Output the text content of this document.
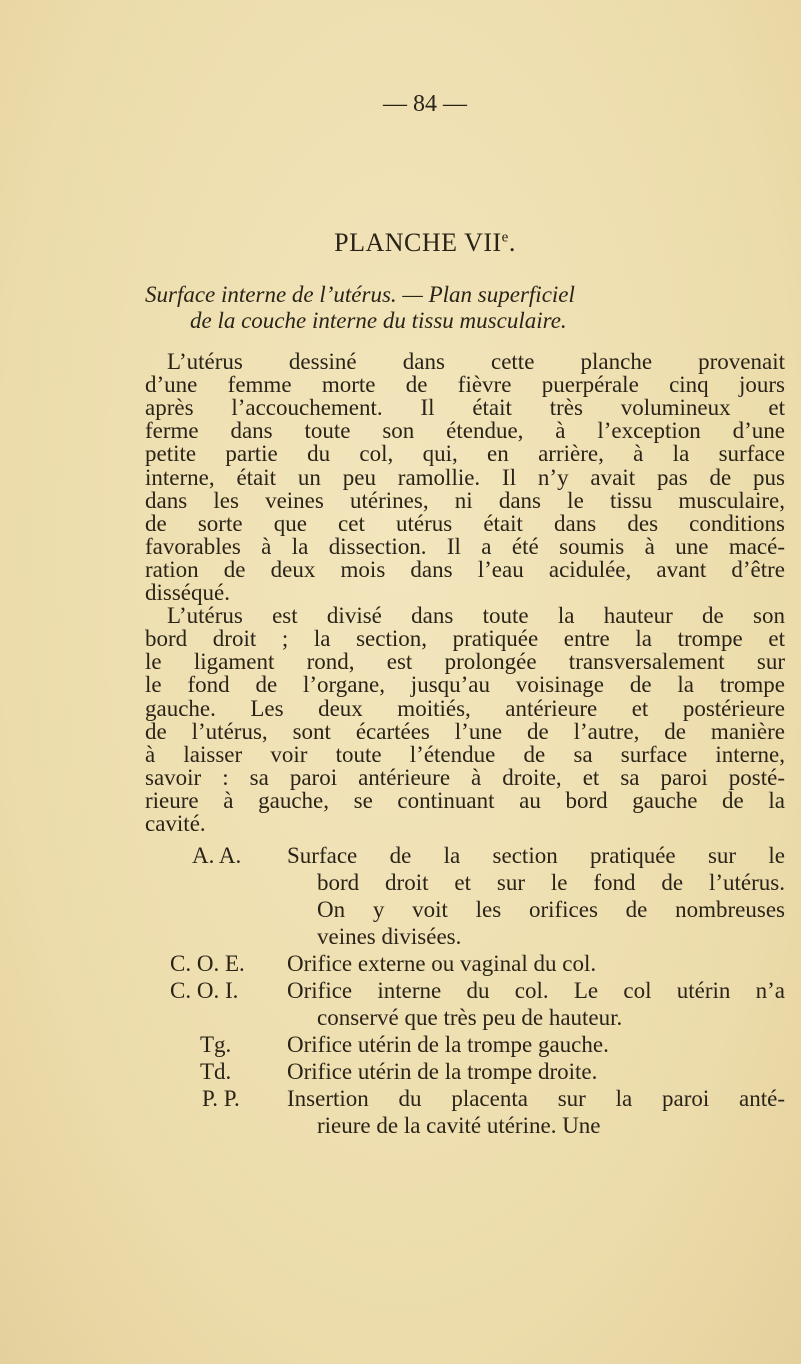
— 84 —
PLANCHE VIIe.
Surface interne de l’utérus. — Plan superficiel
de la couche interne du tissu musculaire.
L’utérus dessiné dans cette planche provenait
d’une femme morte de fièvre puerpérale cinq jours
après l’accouchement. Il était très volumineux et
ferme dans toute son étendue, à l’exception d’une
petite partie du col, qui, en arrière, à la surface
interne, était un peu ramollie. Il n’y avait pas de pus
dans les veines utérines, ni dans le tissu musculaire,
de sorte que cet utérus était dans des conditions
favorables à la dissection. Il a été soumis à une macé-
ration de deux mois dans l’eau acidulée, avant d’être
disséqué.
L’utérus est divisé dans toute la hauteur de son
bord droit ; la section, pratiquée entre la trompe et
le ligament rond, est prolongée transversalement sur
le fond de l’organe, jusqu’au voisinage de la trompe
gauche. Les deux moitiés, antérieure et postérieure
de l’utérus, sont écartées l’une de l’autre, de manière
à laisser voir toute l’étendue de sa surface interne,
savoir : sa paroi antérieure à droite, et sa paroi posté-
rieure à gauche, se continuant au bord gauche de la
cavité.
A. A.	Surface de la section pratiquée sur le
bord droit et sur le fond de l’utérus.
On y voit les orifices de nombreuses
veines divisées.
C. O. E.	Orifice externe ou vaginal du col.
C. O. I.	Orifice interne du col. Le col utérin n’a
conservé que très peu de hauteur.
Tg.	Orifice utérin de la trompe gauche.
Td.	Orifice utérin de la trompe droite.
P. P.	Insertion du placenta sur la paroi anté-
rieure de la cavité utérine. Une
